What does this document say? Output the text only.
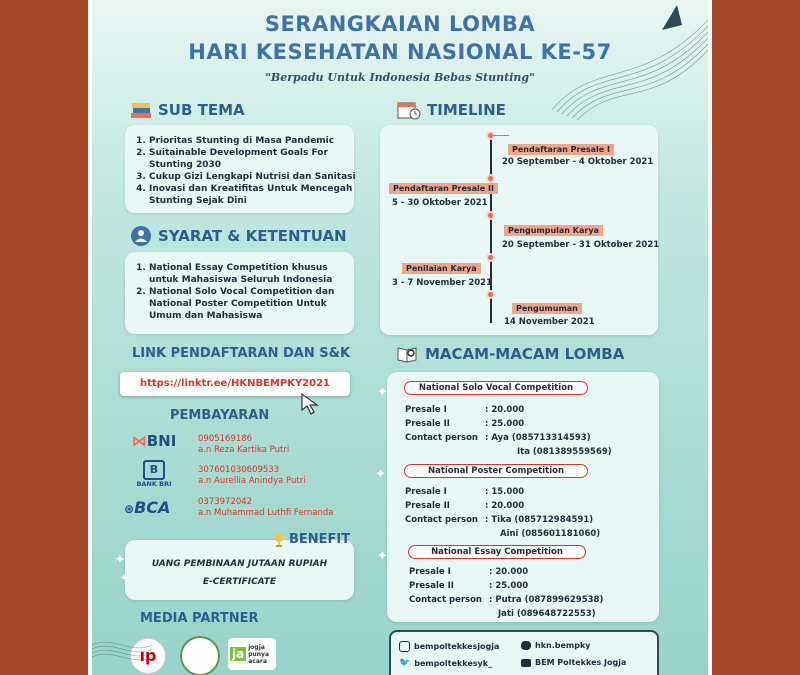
SERANGKAIAN LOMBA
HARI KESEHATAN NASIONAL KE-57
"Berpadu Untuk Indonesia Bebas Stunting"
SUB TEMA
1. Prioritas Stunting di Masa Pandemic
2. Suitainable Development Goals For Stunting 2030
3. Cukup Gizi Lengkapi Nutrisi dan Sanitasi
4. Inovasi dan Kreatifitas Untuk Mencegah Stunting Sejak Dini
SYARAT & KETENTUAN
1. National Essay Competition khusus untuk Mahasiswa Seluruh Indonesia
2. National Solo Vocal Competition dan National Poster Competition Untuk Umum dan Mahasiswa
LINK PENDAFTARAN DAN S&K
https://linktr.ee/HKNBEMPKY2021
PEMBAYARAN
⋈BNI	0905169186
a.n Reza Kartika Putri
B
BANK BRI
307601030609533
a.n Aurellia Anindya Putri
⊛BCA	0373972042
a.n Muhammad Luthfi Fernanda
UANG PEMBINAAN JUTAAN RUPIAH
E-CERTIFICATE
BENEFIT
✦
✦
MEDIA PARTNER
ıp	ja jogja punya acara
TIMELINE
Pendaftaran Presale I
20 September - 4 Oktober 2021
Pendaftaran Presale II
5 - 30 Oktober 2021
Pengumpulan Karya
20 September - 31 Oktober 2021
Penilaian Karya
3 - 7 November 2021
Pengumuman
14 November 2021
MACAM-MACAM LOMBA
National Solo Vocal Competition
Presale I	: 20.000
Presale II	: 25.000
Contact person : Aya (085713314593)
Ita (081389559569)
National Poster Competition
Presale I	: 15.000
Presale II	: 20.000
Contact person : Tika (085712984591)
Aini (085601181060)
National Essay Competition
Presale I	: 20.000
Presale II	: 25.000
Contact person : Putra (087899629538)
Jati (089648722553)
✦
✦
✦
bempoltekkesjogja	hkn.bempky
🐦 bempoltekkesyk_	BEM Poltekkes Jogja
